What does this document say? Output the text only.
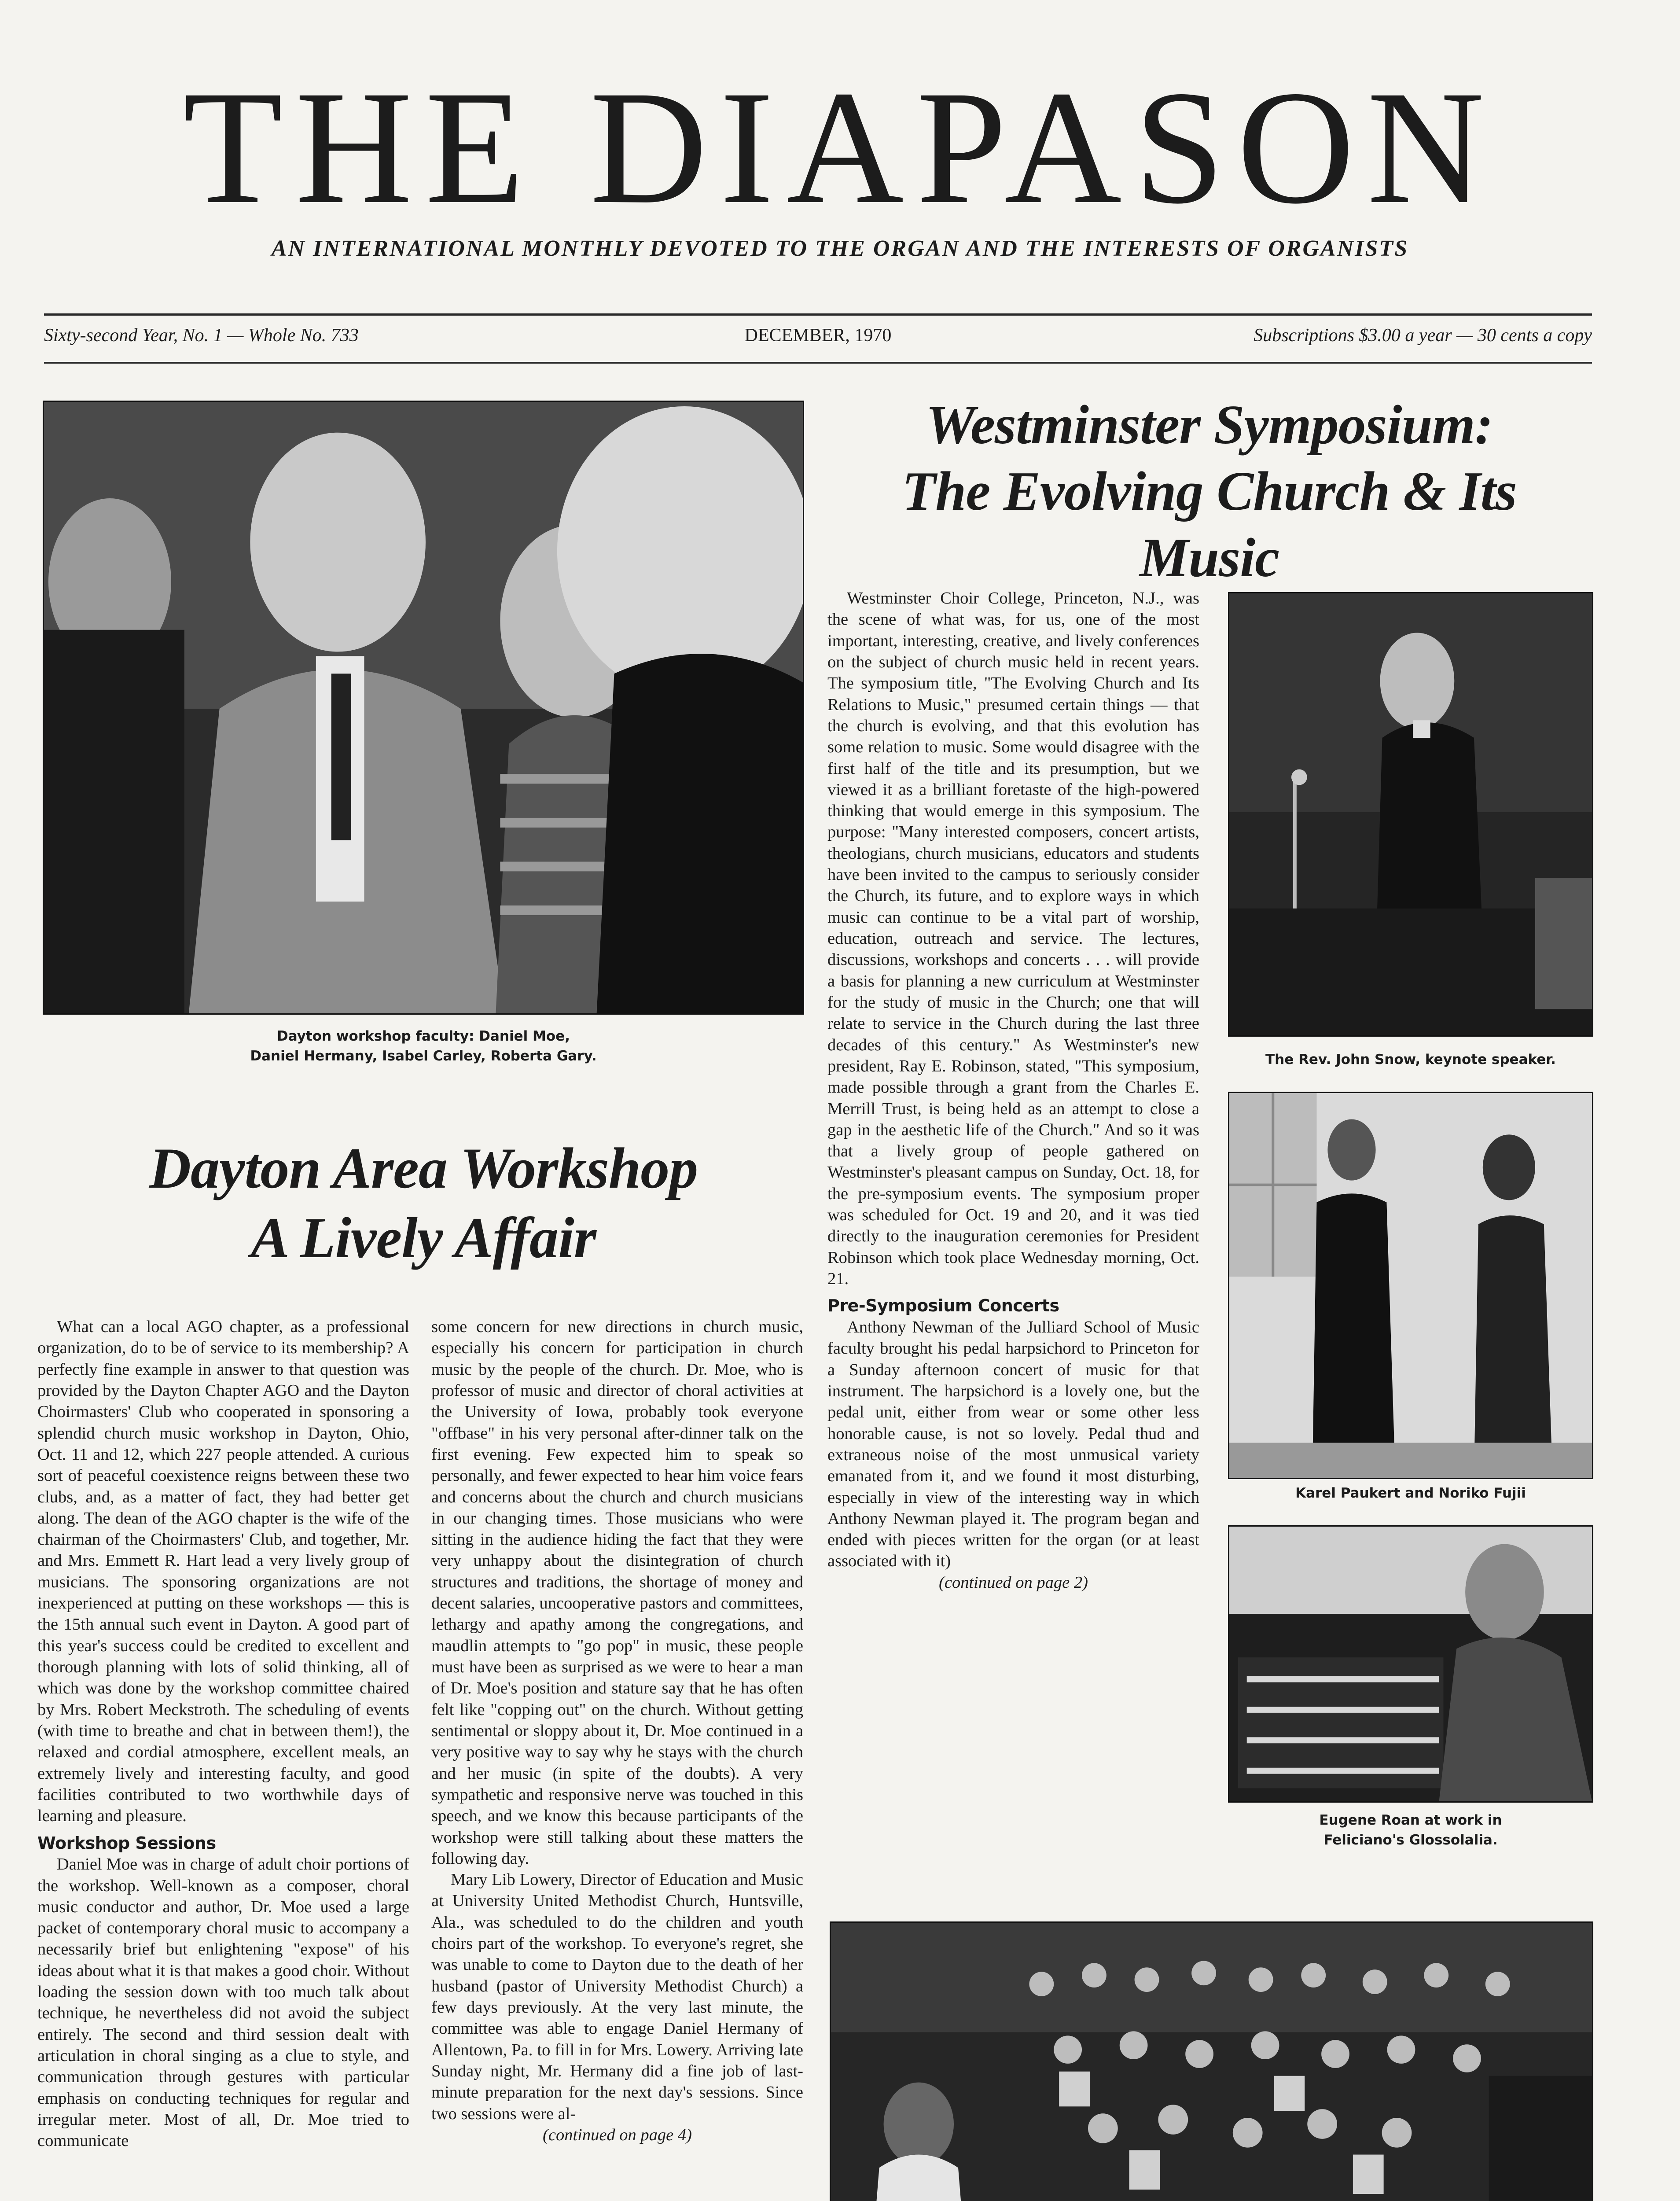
THE DIAPASON
AN INTERNATIONAL MONTHLY DEVOTED TO THE ORGAN AND THE INTERESTS OF ORGANISTS
Sixty-second Year, No. 1 — Whole No. 733	DECEMBER, 1970	Subscriptions $3.00 a year — 30 cents a copy
Dayton workshop faculty: Daniel Moe,
Daniel Hermany, Isabel Carley, Roberta Gary.
Dayton Area Workshop
A Lively Affair

What can a local AGO chapter, as a professional organization, do to be of service to its membership? A perfectly fine example in answer to that question was provided by the Dayton Chapter AGO and the Dayton Choirmasters' Club who cooperated in sponsoring a splendid church music workshop in Dayton, Ohio, Oct. 11 and 12, which 227 people attended. A curious sort of peaceful coexistence reigns between these two clubs, and, as a matter of fact, they had better get along. The dean of the AGO chapter is the wife of the chairman of the Choirmasters' Club, and together, Mr. and Mrs. Emmett R. Hart lead a very lively group of musicians. The sponsoring organizations are not inexperienced at putting on these workshops — this is the 15th annual such event in Dayton. A good part of this year's success could be credited to excellent and thorough planning with lots of solid thinking, all of which was done by the workshop committee chaired by Mrs. Robert Meckstroth. The scheduling of events (with time to breathe and chat in between them!), the relaxed and cordial atmosphere, excellent meals, an extremely lively and interesting faculty, and good facilities contributed to two worthwhile days of learning and pleasure.

Workshop Sessions

Daniel Moe was in charge of adult choir portions of the workshop. Well-known as a composer, choral music conductor and author, Dr. Moe used a large packet of contemporary choral music to accompany a necessarily brief but enlightening "expose" of his ideas about what it is that makes a good choir. Without loading the session down with too much talk about technique, he nevertheless did not avoid the subject entirely. The second and third session dealt with articulation in choral singing as a clue to style, and communication through gestures with particular emphasis on conducting techniques for regular and irregular meter. Most of all, Dr. Moe tried to communicate

some concern for new directions in church music, especially his concern for participation in church music by the people of the church. Dr. Moe, who is professor of music and director of choral activities at the University of Iowa, probably took everyone "offbase" in his very personal after-dinner talk on the first evening. Few expected him to speak so personally, and fewer expected to hear him voice fears and concerns about the church and church musicians in our changing times. Those musicians who were sitting in the audience hiding the fact that they were very unhappy about the disintegration of church structures and traditions, the shortage of money and decent salaries, uncooperative pastors and committees, lethargy and apathy among the congregations, and maudlin attempts to "go pop" in music, these people must have been as surprised as we were to hear a man of Dr. Moe's position and stature say that he has often felt like "copping out" on the church. Without getting sentimental or sloppy about it, Dr. Moe continued in a very positive way to say why he stays with the church and her music (in spite of the doubts). A very sympathetic and responsive nerve was touched in this speech, and we know this because participants of the workshop were still talking about these matters the following day.

Mary Lib Lowery, Director of Education and Music at University United Methodist Church, Huntsville, Ala., was scheduled to do the children and youth choirs part of the workshop. To everyone's regret, she was unable to come to Dayton due to the death of her husband (pastor of University Methodist Church) a few days previously. At the very last minute, the committee was able to engage Daniel Hermany of Allentown, Pa. to fill in for Mrs. Lowery. Arriving late Sunday night, Mr. Hermany did a fine job of last-minute preparation for the next day's sessions. Since two sessions were al-

(continued on page 4)
Westminster Symposium:
The Evolving Church & Its Music

Westminster Choir College, Princeton, N.J., was the scene of what was, for us, one of the most important, interesting, creative, and lively conferences on the subject of church music held in recent years. The symposium title, "The Evolving Church and Its Relations to Music," presumed certain things — that the church is evolving, and that this evolution has some relation to music. Some would disagree with the first half of the title and its presumption, but we viewed it as a brilliant foretaste of the high-powered thinking that would emerge in this symposium. The purpose: "Many interested composers, concert artists, theologians, church musicians, educators and students have been invited to the campus to seriously consider the Church, its future, and to explore ways in which music can continue to be a vital part of worship, education, outreach and service. The lectures, discussions, workshops and concerts . . . will provide a basis for planning a new curriculum at Westminster for the study of music in the Church; one that will relate to service in the Church during the last three decades of this century." As Westminster's new president, Ray E. Robinson, stated, "This symposium, made possible through a grant from the Charles E. Merrill Trust, is being held as an attempt to close a gap in the aesthetic life of the Church." And so it was that a lively group of people gathered on Westminster's pleasant campus on Sunday, Oct. 18, for the pre-symposium events. The symposium proper was scheduled for Oct. 19 and 20, and it was tied directly to the inauguration ceremonies for President Robinson which took place Wednesday morning, Oct. 21.

Pre-Symposium Concerts

Anthony Newman of the Julliard School of Music faculty brought his pedal harpsichord to Princeton for a Sunday afternoon concert of music for that instrument. The harpsichord is a lovely one, but the pedal unit, either from wear or some other less honorable cause, is not so lovely. Pedal thud and extraneous noise of the most unmusical variety emanated from it, and we found it most disturbing, especially in view of the interesting way in which Anthony Newman played it. The program began and ended with pieces written for the organ (or at least associated with it)

(continued on page 2)
The Rev. John Snow, keynote speaker.
Karel Paukert and Noriko Fujii
Eugene Roan at work in
Feliciano's Glossolalia.
